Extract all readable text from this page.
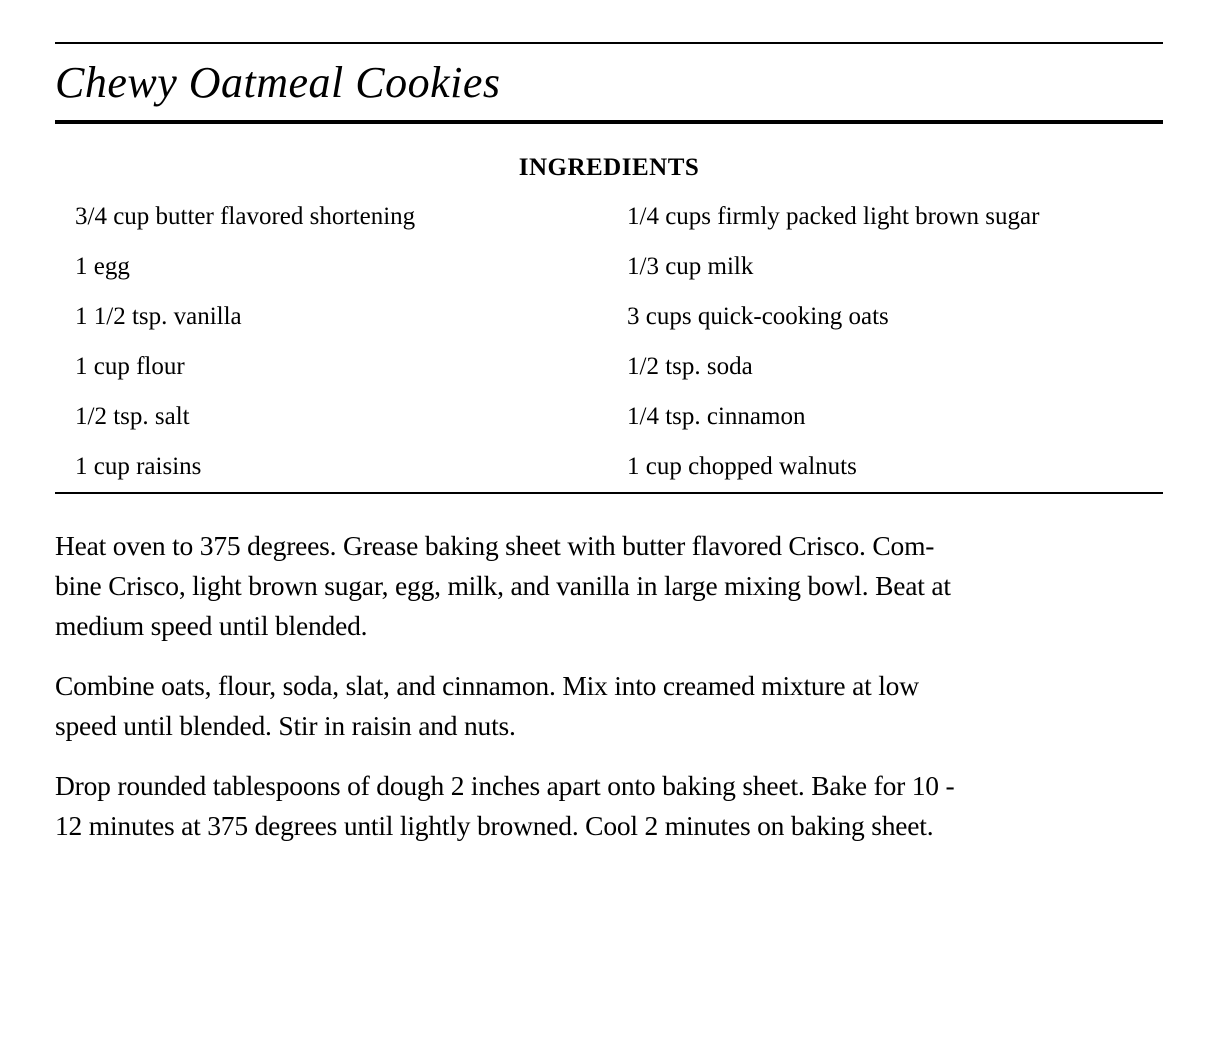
Chewy Oatmeal Cookies
INGREDIENTS
3/4 cup butter flavored shortening	1/4 cups firmly packed light brown sugar
1 egg	1/3 cup milk
1 1/2 tsp. vanilla	3 cups quick-cooking oats
1 cup flour	1/2 tsp. soda
1/2 tsp. salt	1/4 tsp. cinnamon
1 cup raisins	1 cup chopped walnuts
Heat oven to 375 degrees. Grease baking sheet with butter flavored Crisco. Com-
bine Crisco, light brown sugar, egg, milk, and vanilla in large mixing bowl. Beat at
medium speed until blended.
Combine oats, flour, soda, slat, and cinnamon. Mix into creamed mixture at low
speed until blended. Stir in raisin and nuts.
Drop rounded tablespoons of dough 2 inches apart onto baking sheet. Bake for 10 -
12 minutes at 375 degrees until lightly browned. Cool 2 minutes on baking sheet.
